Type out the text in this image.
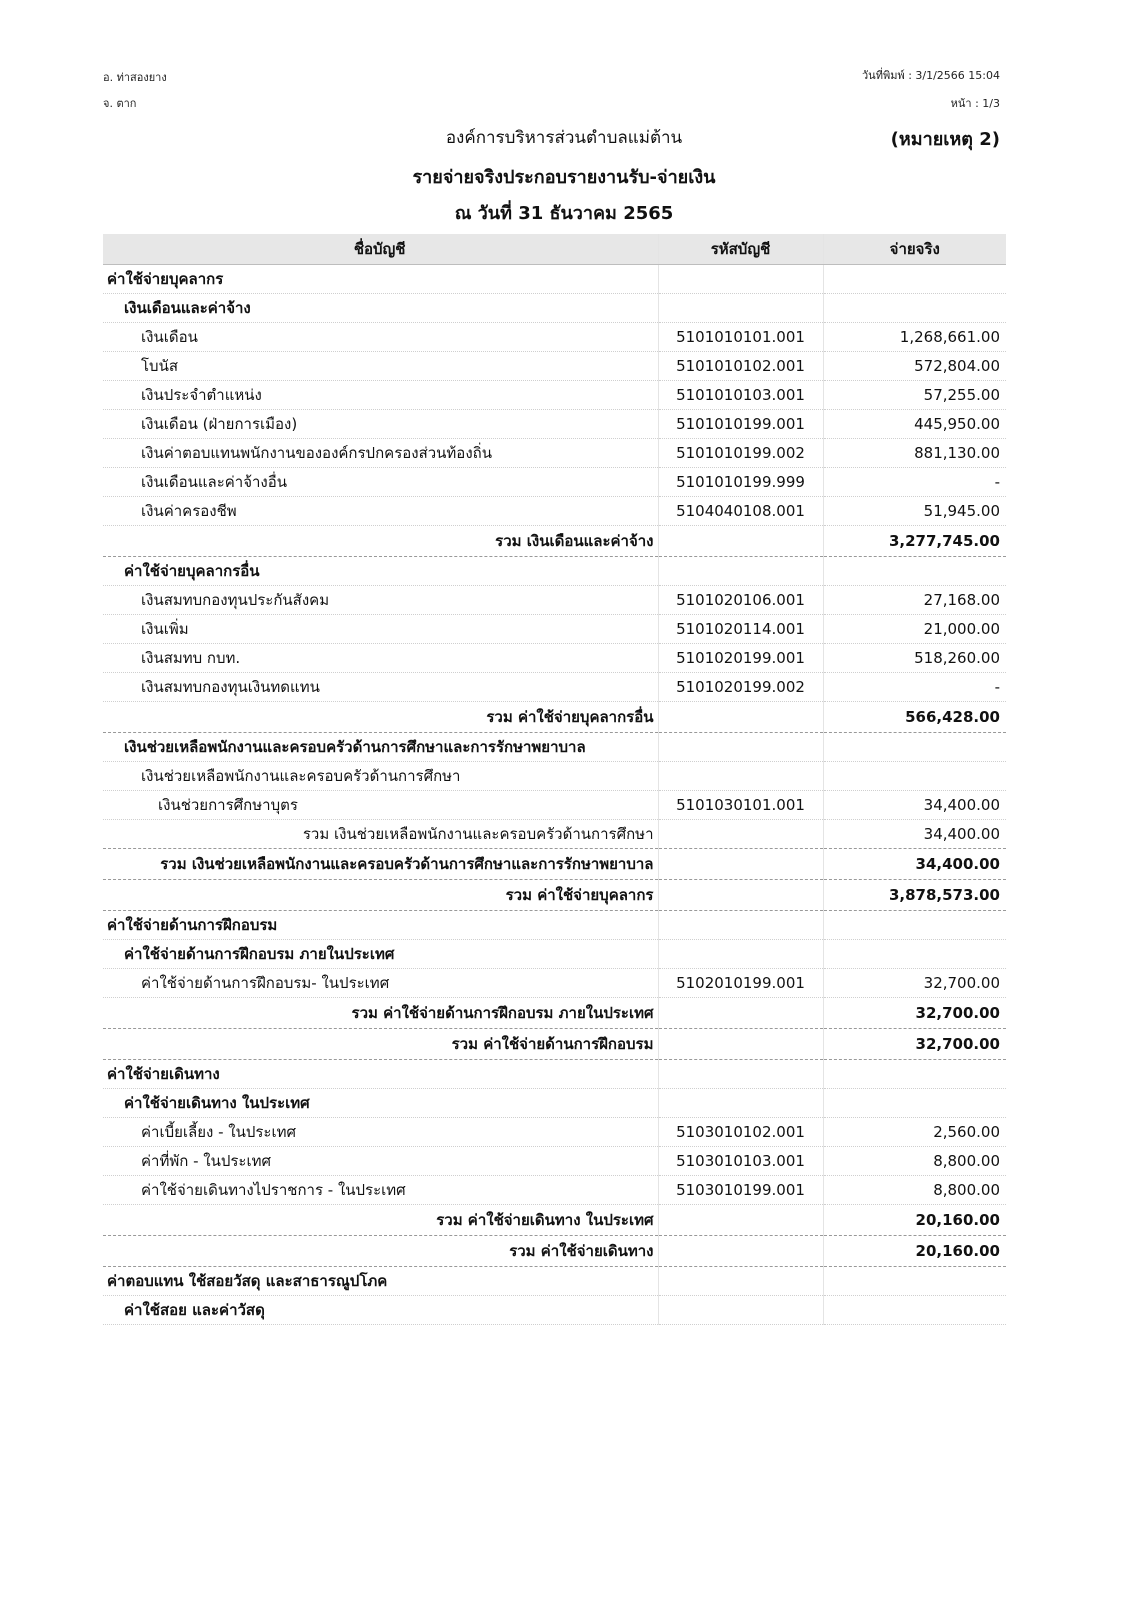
อ. ท่าสองยาง
จ. ตาก
วันที่พิมพ์ : 3/1/2566 15:04
หน้า : 1/3
องค์การบริหารส่วนตำบลแม่ต้าน	(หมายเหตุ 2)
รายจ่ายจริงประกอบรายงานรับ-จ่ายเงิน
ณ วันที่ 31 ธันวาคม 2565
ชื่อบัญชี	รหัสบัญชี	จ่ายจริง
ค่าใช้จ่ายบุคลากร		
เงินเดือนและค่าจ้าง		
เงินเดือน	5101010101.001	1,268,661.00
โบนัส	5101010102.001	572,804.00
เงินประจำตำแหน่ง	5101010103.001	57,255.00
เงินเดือน (ฝ่ายการเมือง)	5101010199.001	445,950.00
เงินค่าตอบแทนพนักงานขององค์กรปกครองส่วนท้องถิ่น	5101010199.002	881,130.00
เงินเดือนและค่าจ้างอื่น	5101010199.999	-
เงินค่าครองชีพ	5104040108.001	51,945.00
รวม เงินเดือนและค่าจ้าง		3,277,745.00
ค่าใช้จ่ายบุคลากรอื่น		
เงินสมทบกองทุนประกันสังคม	5101020106.001	27,168.00
เงินเพิ่ม	5101020114.001	21,000.00
เงินสมทบ กบท.	5101020199.001	518,260.00
เงินสมทบกองทุนเงินทดแทน	5101020199.002	-
รวม ค่าใช้จ่ายบุคลากรอื่น		566,428.00
เงินช่วยเหลือพนักงานและครอบครัวด้านการศึกษาและการรักษาพยาบาล		
เงินช่วยเหลือพนักงานและครอบครัวด้านการศึกษา		
เงินช่วยการศึกษาบุตร	5101030101.001	34,400.00
รวม เงินช่วยเหลือพนักงานและครอบครัวด้านการศึกษา		34,400.00
รวม เงินช่วยเหลือพนักงานและครอบครัวด้านการศึกษาและการรักษาพยาบาล		34,400.00
รวม ค่าใช้จ่ายบุคลากร		3,878,573.00
ค่าใช้จ่ายด้านการฝึกอบรม		
ค่าใช้จ่ายด้านการฝึกอบรม ภายในประเทศ		
ค่าใช้จ่ายด้านการฝึกอบรม- ในประเทศ	5102010199.001	32,700.00
รวม ค่าใช้จ่ายด้านการฝึกอบรม ภายในประเทศ		32,700.00
รวม ค่าใช้จ่ายด้านการฝึกอบรม		32,700.00
ค่าใช้จ่ายเดินทาง		
ค่าใช้จ่ายเดินทาง ในประเทศ		
ค่าเบี้ยเลี้ยง - ในประเทศ	5103010102.001	2,560.00
ค่าที่พัก - ในประเทศ	5103010103.001	8,800.00
ค่าใช้จ่ายเดินทางไปราชการ - ในประเทศ	5103010199.001	8,800.00
รวม ค่าใช้จ่ายเดินทาง ในประเทศ		20,160.00
รวม ค่าใช้จ่ายเดินทาง		20,160.00
ค่าตอบแทน ใช้สอยวัสดุ และสาธารณูปโภค		
ค่าใช้สอย และค่าวัสดุ		
